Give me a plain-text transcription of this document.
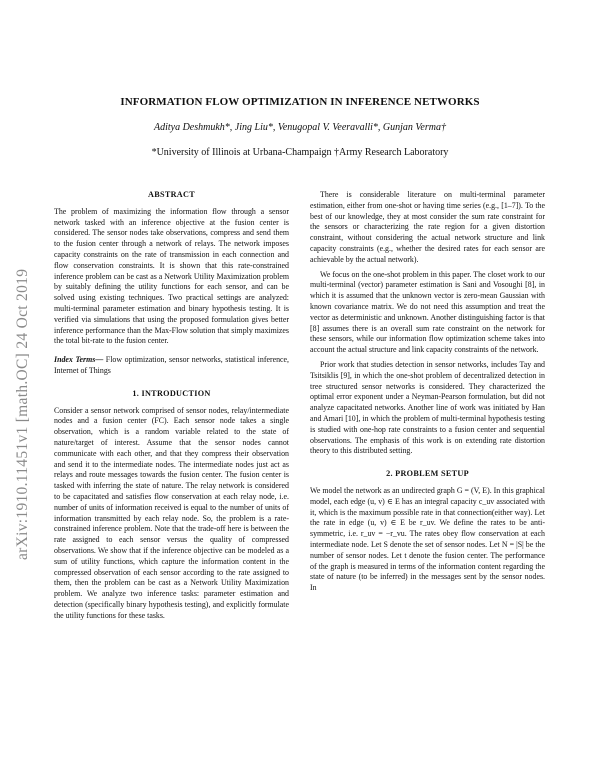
arXiv:1910.11451v1 [math.OC] 24 Oct 2019
INFORMATION FLOW OPTIMIZATION IN INFERENCE NETWORKS
Aditya Deshmukh*, Jing Liu*, Venugopal V. Veeravalli*, Gunjan Verma†
*University of Illinois at Urbana-Champaign †Army Research Laboratory
ABSTRACT

The problem of maximizing the information flow through a sensor network tasked with an inference objective at the fusion center is considered. The sensor nodes take observations, compress and send them to the fusion center through a network of relays. The network imposes capacity constraints on the rate of transmission in each connection and flow conservation constraints. It is shown that this rate-constrained inference problem can be cast as a Network Utility Maximization problem by suitably defining the utility functions for each sensor, and can be solved using existing techniques. Two practical settings are analyzed: multi-terminal parameter estimation and binary hypothesis testing. It is verified via simulations that using the proposed formulation gives better inference performance than the Max-Flow solution that simply maximizes the total bit-rate to the fusion center.

Index Terms— Flow optimization, sensor networks, statistical inference, Internet of Things

1. INTRODUCTION

Consider a sensor network comprised of sensor nodes, relay/intermediate nodes and a fusion center (FC). Each sensor node takes a single observation, which is a random variable related to the state of nature/target of interest. Assume that the sensor nodes cannot communicate with each other, and that they compress their observation and send it to the intermediate nodes. The intermediate nodes just act as relays and route messages towards the fusion center. The fusion center is tasked with inferring the state of nature. The relay network is considered to be capacitated and satisfies flow conservation at each relay node, i.e. number of units of information received is equal to the number of units of information transmitted by each relay node. So, the problem is a rate-constrained inference problem. Note that the trade-off here is between the rate assigned to each sensor versus the quality of compressed observations. We show that if the inference objective can be modeled as a sum of utility functions, which capture the information content in the compressed observation of each sensor according to the rate assigned to them, then the problem can be cast as a Network Utility Maximization problem. We analyze two inference tasks: parameter estimation and detection (specifically binary hypothesis testing), and explicitly formulate the utility functions for these tasks.

There is considerable literature on multi-terminal parameter estimation, either from one-shot or having time series (e.g., [1–7]). To the best of our knowledge, they at most consider the sum rate constraint for the sensors or characterizing the rate region for a given distortion constraint, without considering the actual network structure and link capacity constraints (e.g., whether the desired rates for each sensor are achievable by the actual network).

We focus on the one-shot problem in this paper. The closet work to our multi-terminal (vector) parameter estimation is Sani and Vosoughi [8], in which it is assumed that the unknown vector is zero-mean Gaussian with known covariance matrix. We do not need this assumption and treat the vector as deterministic and unknown. Another distinguishing factor is that [8] assumes there is an overall sum rate constraint on the network for these sensors, while our information flow optimization scheme takes into account the actual structure and link capacity constraints of the network.

Prior work that studies detection in sensor networks, includes Tay and Tsitsiklis [9], in which the one-shot problem of decentralized detection in tree structured sensor networks is considered. They characterized the optimal error exponent under a Neyman-Pearson formulation, but did not analyze capacitated networks. Another line of work was initiated by Han and Amari [10], in which the problem of multi-terminal hypothesis testing is studied with one-hop rate constraints to a fusion center and sequential observations. The emphasis of this work is on extending rate distortion theory to this distributed setting.

2. PROBLEM SETUP

We model the network as an undirected graph G = (V, E). In this graphical model, each edge (u, v) ∈ E has an integral capacity c_uv associated with it, which is the maximum possible rate in that connection(either way). Let the rate in edge (u, v) ∈ E be r_uv. We define the rates to be anti-symmetric, i.e. r_uv = −r_vu. The rates obey flow conservation at each intermediate node. Let S denote the set of sensor nodes. Let N = |S| be the number of sensor nodes. Let t denote the fusion center. The performance of the graph is measured in terms of the information content regarding the state of nature (to be inferred) in the messages sent by the sensor nodes. In
